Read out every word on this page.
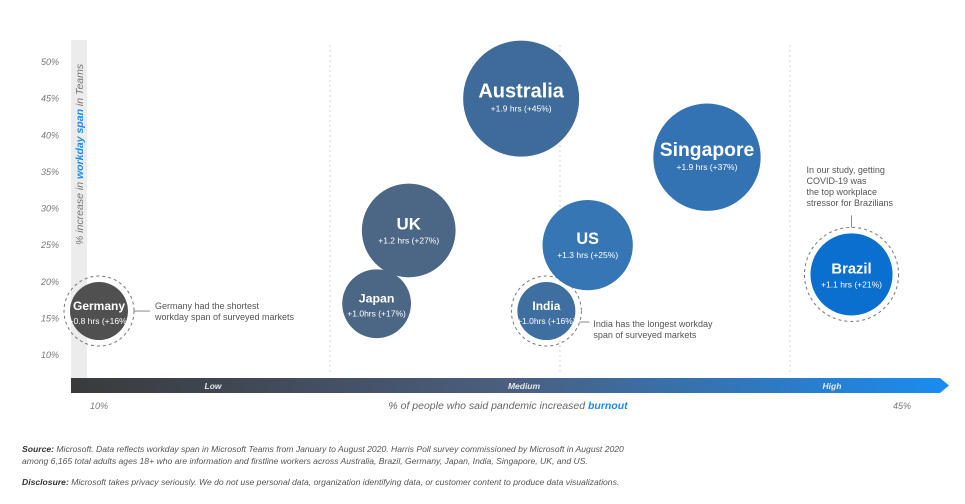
10%
15%
20%
25%
30%
35%
40%
45%
50%
% increase in workday span in Teams
Low	Medium	High
10%	45%
% of people who said pandemic increased burnout
Germany
+0.8 hrs (+16%)
Japan
+1.0hrs (+17%)
UK
+1.2 hrs (+27%)
Australia
+1.9 hrs (+45%)
India
+1.0hrs (+16%)
US
+1.3 hrs (+25%)
Singapore
+1.9 hrs (+37%)
Brazil
+1.1 hrs (+21%)
Germany had the shortest workday span of surveyed markets
India has the longest workday span of surveyed markets
In our study, getting COVID-19 was the top workplace stressor for Brazilians
Source: Microsoft. Data reflects workday span in Microsoft Teams from January to August 2020. Harris Poll survey commissioned by Microsoft in August 2020
among 6,165 total adults ages 18+ who are information and firstline workers across Australia, Brazil, Germany, Japan, India, Singapore, UK, and US.
Disclosure: Microsoft takes privacy seriously. We do not use personal data, organization identifying data, or customer content to produce data visualizations.
